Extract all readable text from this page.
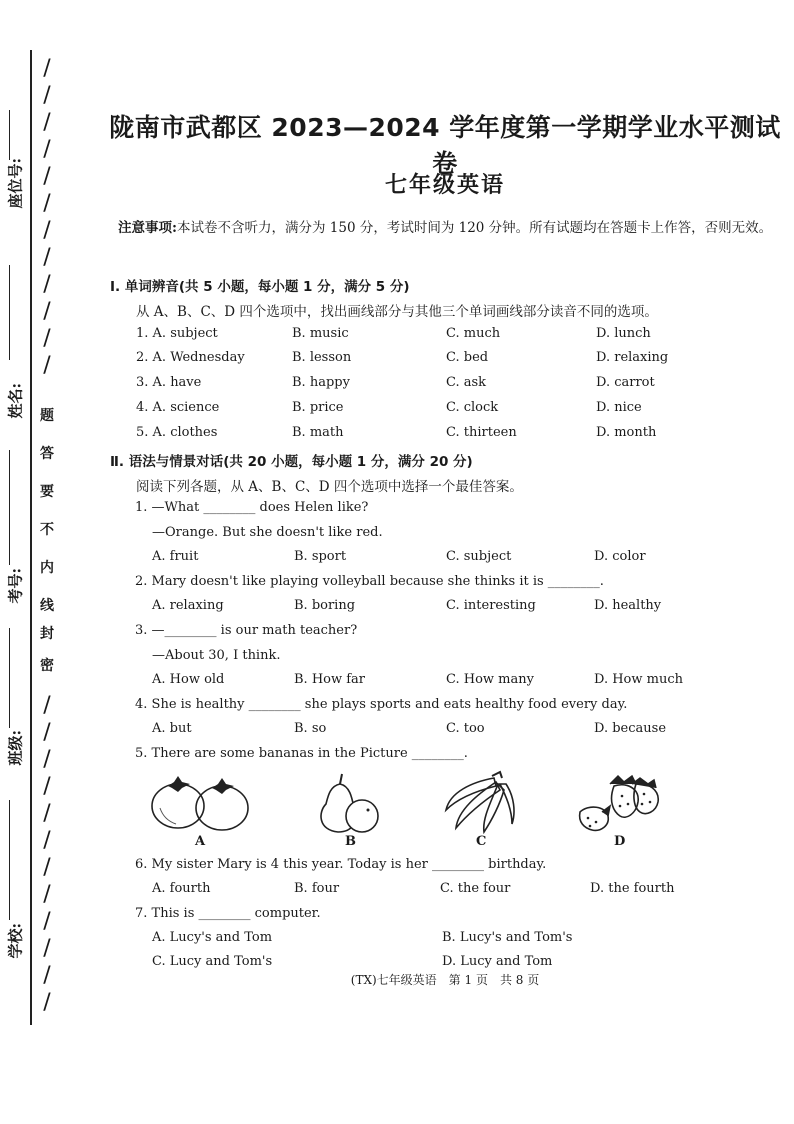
座位号:
姓名:
考号:
班级:
学校:
题
答
要
不
内
线
封
密
/
/
/
/
/
/
/
/
/
/
/
/
/
/
/
/
/
/
/
/
/
/
/
/
陇南市武都区 2023—2024 学年度第一学期学业水平测试卷
七年级英语
注意事项:本试卷不含听力，满分为 150 分，考试时间为 120 分钟。所有试题均在答题卡上作答，否则无效。
Ⅰ. 单词辨音(共 5 小题，每小题 1 分，满分 5 分)
从 A、B、C、D 四个选项中，找出画线部分与其他三个单词画线部分读音不同的选项。
1. A. subject	B. music	C. much	D. lunch
2. A. Wednesday	B. lesson	C. bed	D. relaxing
3. A. have	B. happy	C. ask	D. carrot
4. A. science	B. price	C. clock	D. nice
5. A. clothes	B. math	C. thirteen	D. month
Ⅱ. 语法与情景对话(共 20 小题，每小题 1 分，满分 20 分)
阅读下列各题，从 A、B、C、D 四个选项中选择一个最佳答案。
1. —What ________ does Helen like?
—Orange. But she doesn't like red.
A. fruit	B. sport	C. subject	D. color
2. Mary doesn't like playing volleyball because she thinks it is ________.
A. relaxing	B. boring	C. interesting	D. healthy
3. —________ is our math teacher?
—About 30, I think.
A. How old	B. How far	C. How many	D. How much
4. She is healthy ________ she plays sports and eats healthy food every day.
A. but	B. so	C. too	D. because
5. There are some bananas in the Picture ________.
A	B	C	D
6. My sister Mary is 4 this year. Today is her ________ birthday.
A. fourth	B. four	C. the four	D. the fourth
7. This is ________ computer.
A. Lucy's and Tom	B. Lucy's and Tom's
C. Lucy and Tom's	D. Lucy and Tom
(TX)七年级英语　第 1 页　共 8 页
